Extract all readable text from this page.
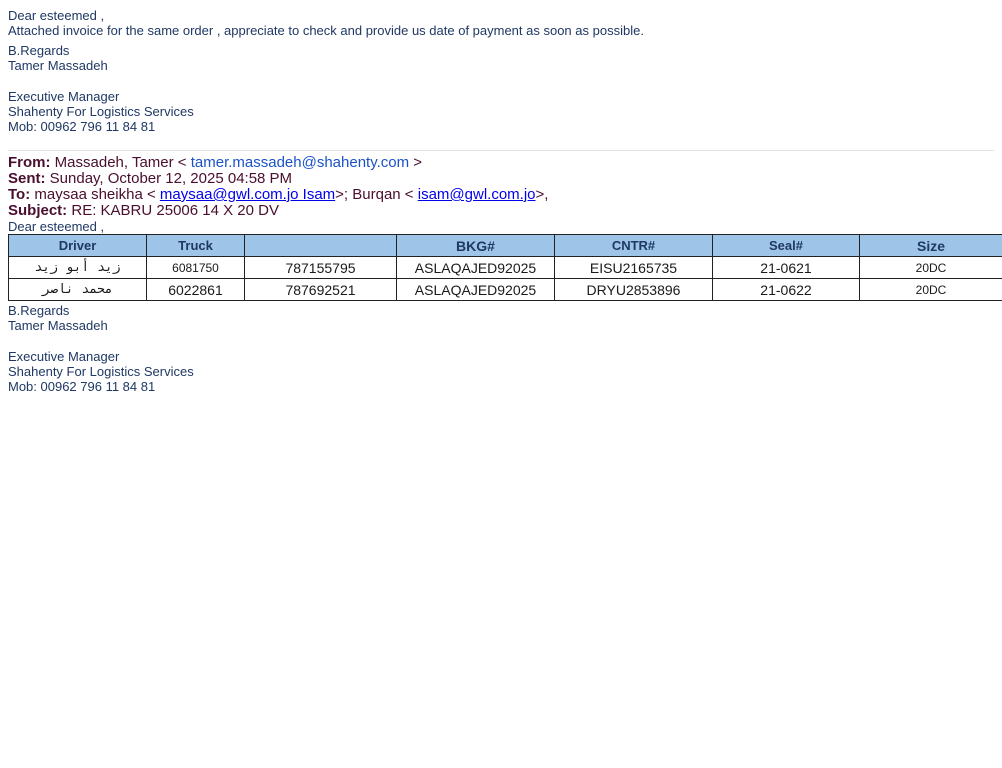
Dear esteemed ,
Attached invoice for the same order , appreciate to check and provide us date of payment as soon as possible.
B.Regards
Tamer Massadeh
Executive Manager
Shahenty For Logistics Services
Mob: 00962 796 11 84 81
From: Massadeh, Tamer < tamer.massadeh@shahenty.com >
Sent: Sunday, October 12, 2025 04:58 PM
To: maysaa sheikha < maysaa@gwl.com.jo Isam>; Burqan < isam@gwl.com.jo>,
Subject: RE: KABRU 25006 14 X 20 DV
Dear esteemed ,
Driver	Truck		BKG#	CNTR#	Seal#	Size
زيد أبو زيد	6081750	787155795	ASLAQAJED92025	EISU2165735	21-0621	20DC
محمد ناصر	6022861	787692521	ASLAQAJED92025	DRYU2853896	21-0622	20DC
B.Regards
Tamer Massadeh
Executive Manager
Shahenty For Logistics Services
Mob: 00962 796 11 84 81
